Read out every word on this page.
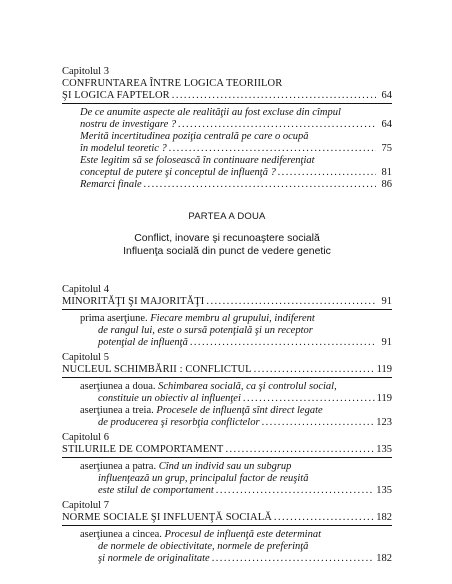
Capitolul 3
CONFRUNTAREA ÎNTRE LOGICA TEORIILOR
ŞI LOGICA FAPTELOR . . .	64
De ce anumite aspecte ale realităţii au fost excluse din cîmpul
nostru de investigare ? . . .	64
Merită incertitudinea poziţia centrală pe care o ocupă
în modelul teoretic ? . . .	75
Este legitim să se folosească în continuare nediferenţiat
conceptul de putere şi conceptul de influenţă ? . . .	81
Remarci finale . . .	86
PARTEA A DOUA
Conflict, inovare şi recunoaştere socială
Influenţa socială din punct de vedere genetic
Capitolul 4
MINORITĂŢI ŞI MAJORITĂŢI . . .	91
prima aserţiune. Fiecare membru al grupului, indiferent
de rangul lui, este o sursă potenţială şi un receptor
potenţial de influenţă . . .	91
Capitolul 5
NUCLEUL SCHIMBĂRII : CONFLICTUL . . .	119
aserţiunea a doua. Schimbarea socială, ca şi controlul social,
constituie un obiectiv al influenţei . . .	119
aserţiunea a treia. Procesele de influenţă sînt direct legate
de producerea şi resorbţia conflictelor . . .	123
Capitolul 6
STILURILE DE COMPORTAMENT . . .	135
aserţiunea a patra. Cînd un individ sau un subgrup
influenţează un grup, principalul factor de reuşită
este stilul de comportament . . .	135
Capitolul 7
NORME SOCIALE ŞI INFLUENŢĂ SOCIALĂ . . .	182
aserţiunea a cincea. Procesul de influenţă este determinat
de normele de obiectivitate, normele de preferinţă
şi normele de originalitate . . .	182
